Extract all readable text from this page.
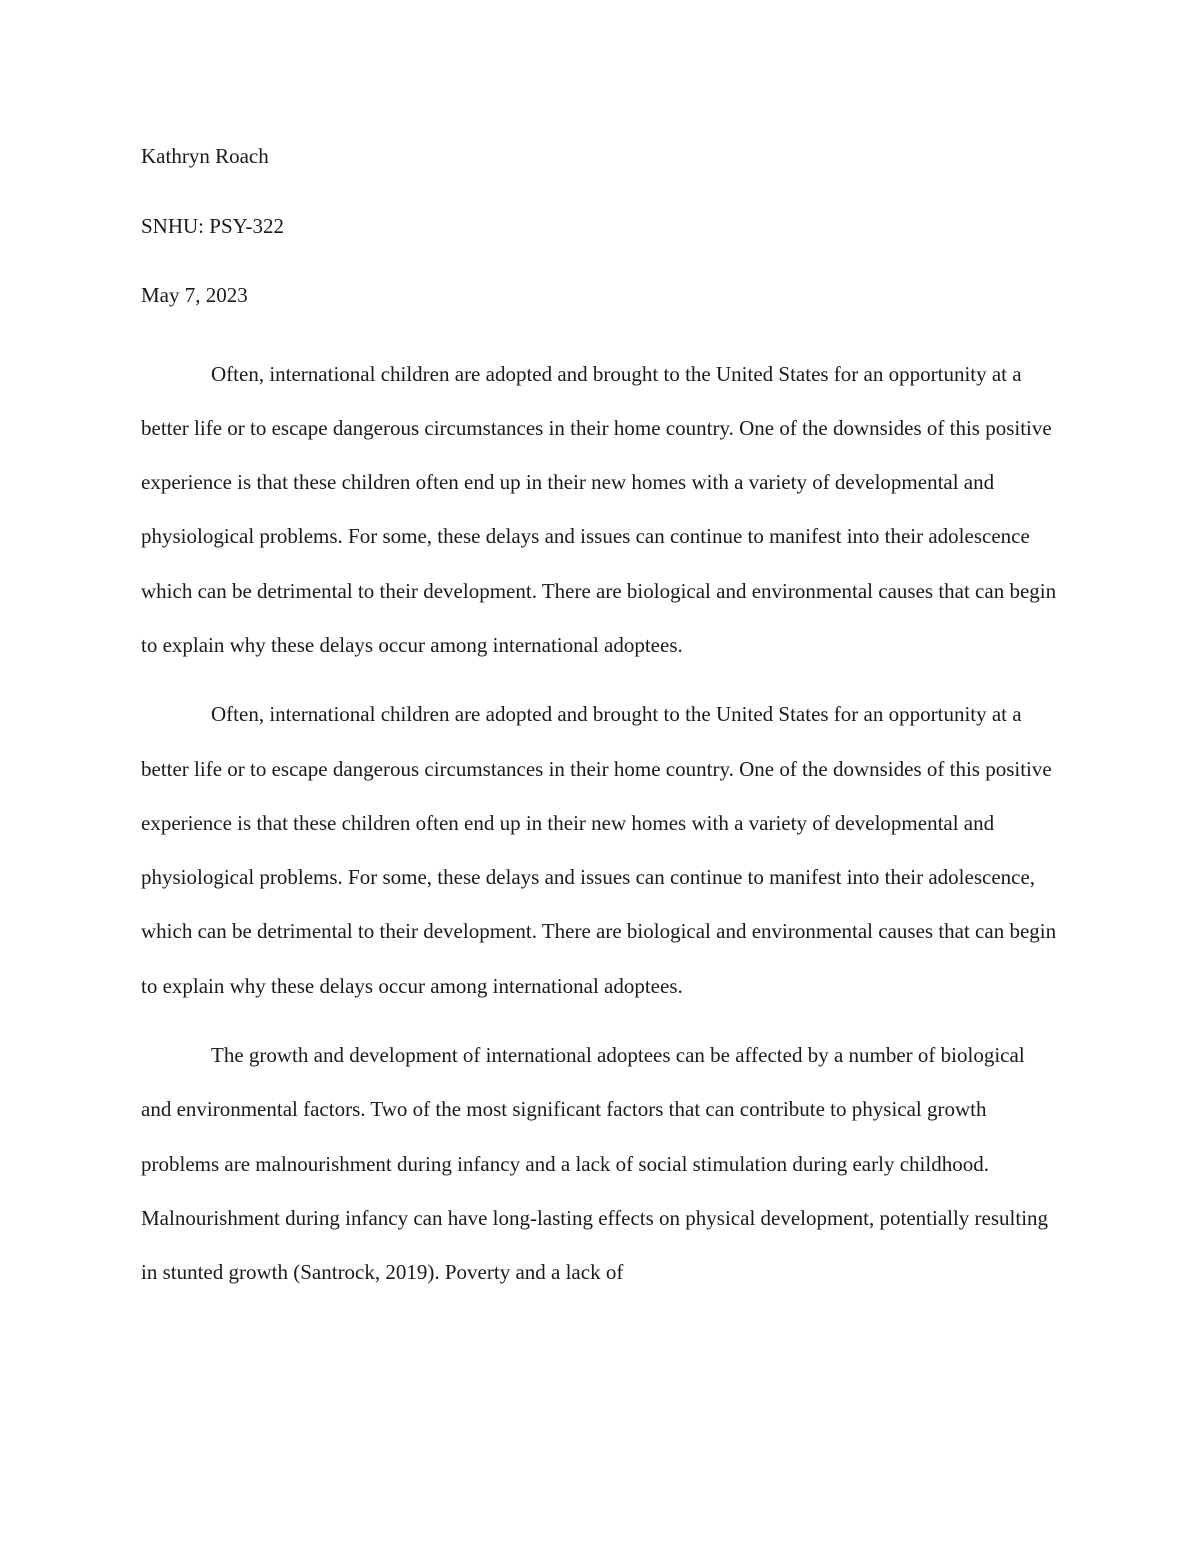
Kathryn Roach

SNHU: PSY-322

May 7, 2023

Often, international children are adopted and brought to the United States for an opportunity at a better life or to escape dangerous circumstances in their home country. One of the downsides of this positive experience is that these children often end up in their new homes with a variety of developmental and physiological problems. For some, these delays and issues can continue to manifest into their adolescence which can be detrimental to their development. There are biological and environmental causes that can begin to explain why these delays occur among international adoptees.

Often, international children are adopted and brought to the United States for an opportunity at a better life or to escape dangerous circumstances in their home country. One of the downsides of this positive experience is that these children often end up in their new homes with a variety of developmental and physiological problems. For some, these delays and issues can continue to manifest into their adolescence, which can be detrimental to their development. There are biological and environmental causes that can begin to explain why these delays occur among international adoptees.

The growth and development of international adoptees can be affected by a number of biological and environmental factors. Two of the most significant factors that can contribute to physical growth problems are malnourishment during infancy and a lack of social stimulation during early childhood. Malnourishment during infancy can have long-lasting effects on physical development, potentially resulting in stunted growth (Santrock, 2019). Poverty and a lack of
